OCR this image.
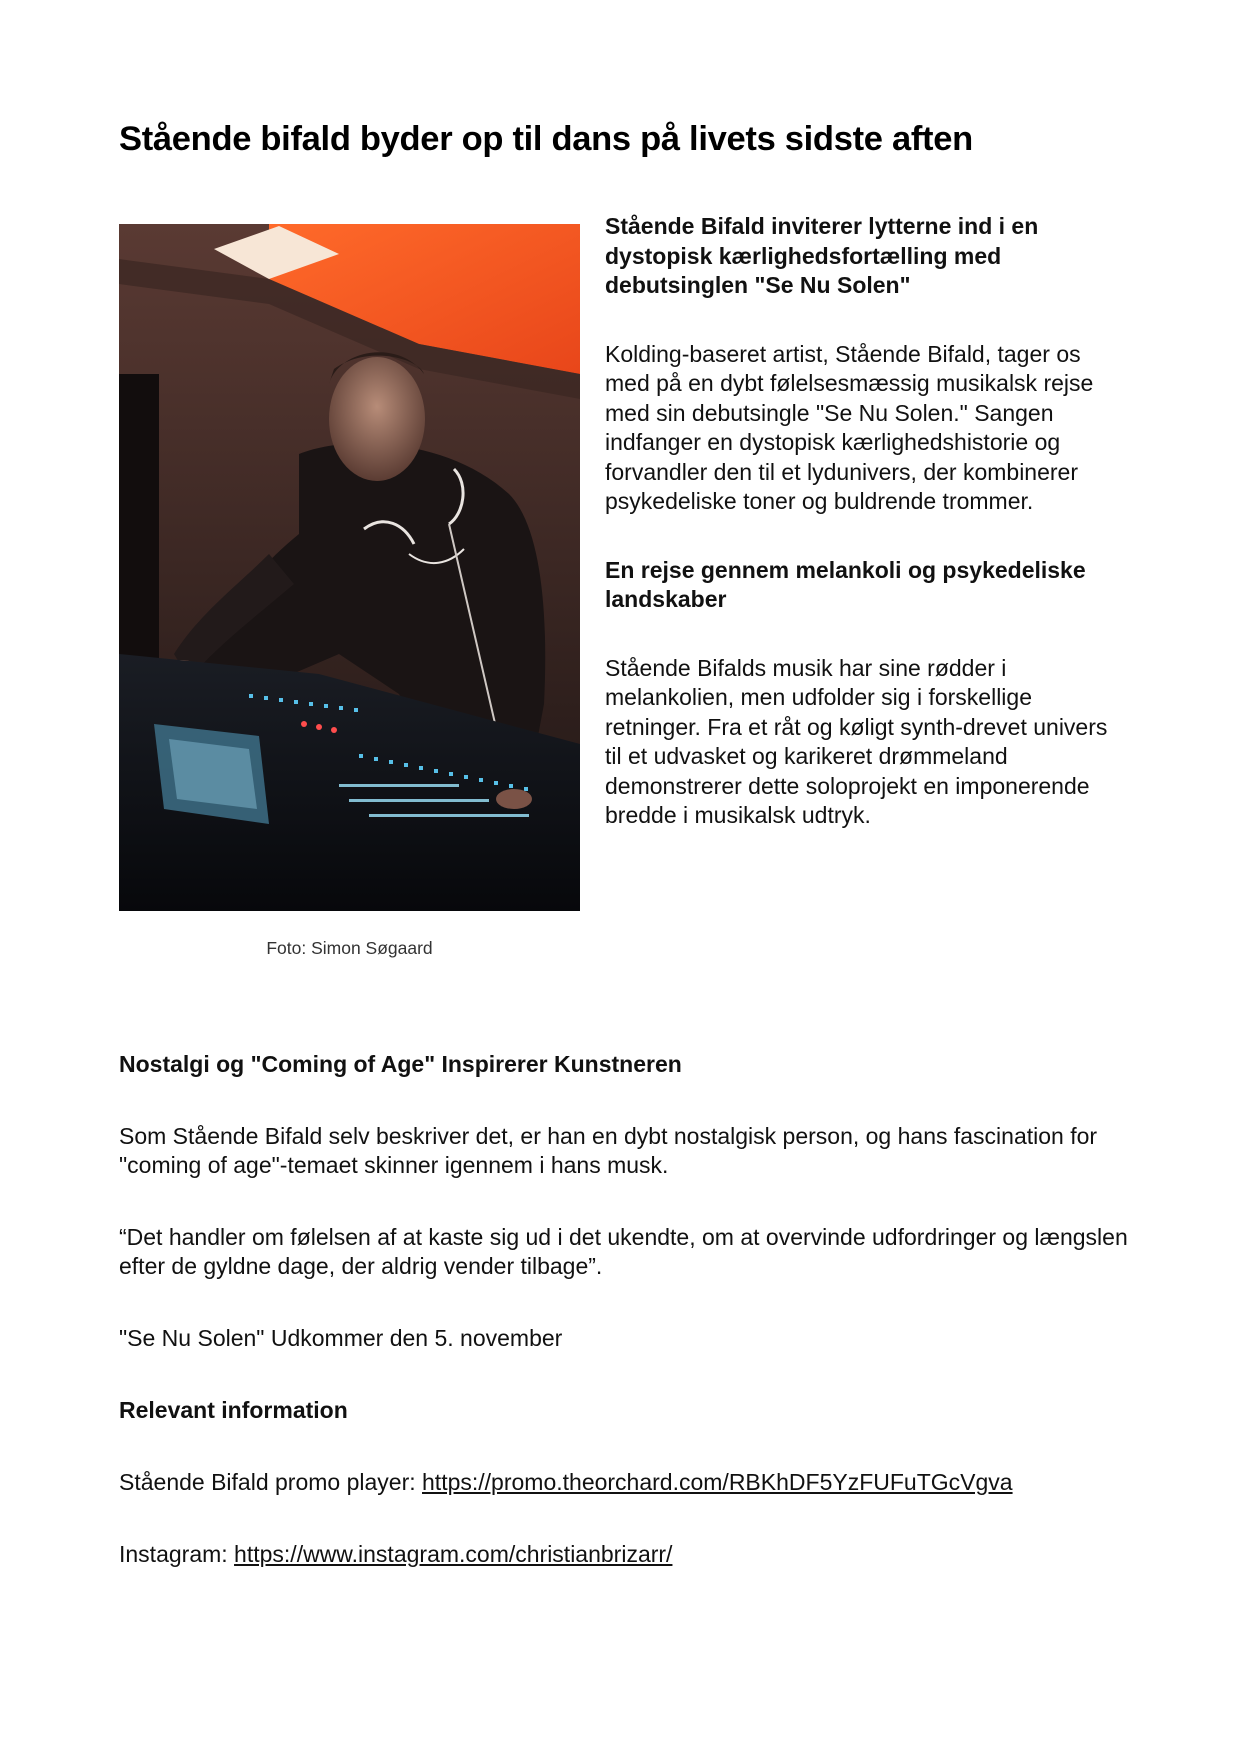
Stående bifald byder op til dans på livets sidste aften
Foto: Simon Søgaard

Stående Bifald inviterer lytterne ind i en dystopisk kærlighedsfortælling med debutsinglen "Se Nu Solen"

Kolding-baseret artist, Stående Bifald, tager os med på en dybt følelsesmæssig musikalsk rejse med sin debutsingle "Se Nu Solen." Sangen indfanger en dystopisk kærlighedshistorie og forvandler den til et lydunivers, der kombinerer psykedeliske toner og buldrende trommer.

En rejse gennem melankoli og psykedeliske landskaber

Stående Bifalds musik har sine rødder i melankolien, men udfolder sig i forskellige retninger. Fra et råt og køligt synth-drevet univers til et udvasket og karikeret drømmeland demonstrerer dette soloprojekt en imponerende bredde i musikalsk udtryk.

Nostalgi og "Coming of Age" Inspirerer Kunstneren

Som Stående Bifald selv beskriver det, er han en dybt nostalgisk person, og hans fascination for "coming of age"-temaet skinner igennem i hans musk.

“Det handler om følelsen af at kaste sig ud i det ukendte, om at overvinde udfordringer og længslen efter de gyldne dage, der aldrig vender tilbage”.

"Se Nu Solen" Udkommer den 5. november

Relevant information

Stående Bifald promo player: https://promo.theorchard.com/RBKhDF5YzFUFuTGcVgva

Instagram: https://www.instagram.com/christianbrizarr/
